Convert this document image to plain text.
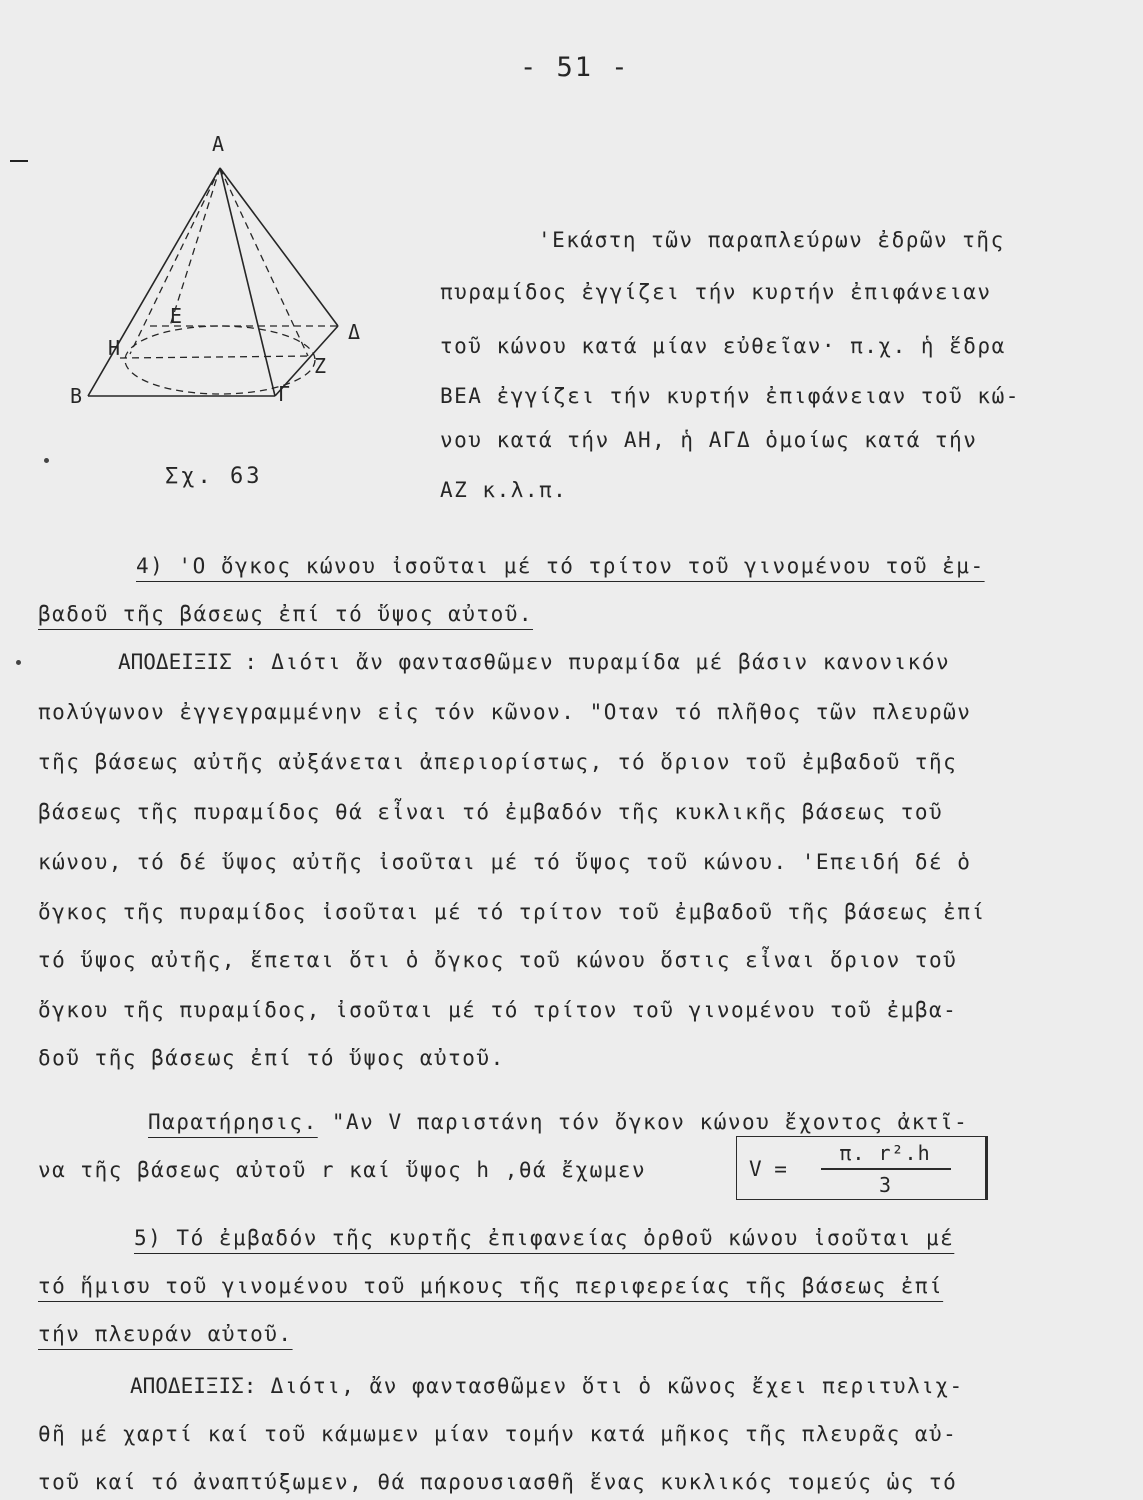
- 51 -
Α
Β	Γ
Δ
Ε
Η
Ζ
Σχ. 63
'Εκάστη τῶν παραπλεύρων ἐδρῶν τῆς
πυραμίδος ἐγγίζει τήν κυρτήν ἐπιφάνειαν
τοῦ κώνου κατά μίαν εὐθεῖαν· π.χ. ἡ ἕδρα
ΒΕΑ ἐγγίζει τήν κυρτήν ἐπιφάνειαν τοῦ κώ-
νου κατά τήν ΑΗ, ἡ ΑΓΔ ὁμοίως κατά τήν
ΑΖ κ.λ.π.
4) 'Ο ὄγκος κώνου ἰσοῦται μέ τό τρίτον τοῦ γινομένου τοῦ ἐμ-
βαδοῦ τῆς βάσεως ἐπί τό ὕψος αὐτοῦ.
ΑΠΟΔΕΙΞΙΣ : Διότι ἄν φαντασθῶμεν πυραμίδα μέ βάσιν κανονικόν
πολύγωνον ἐγγεγραμμένην εἰς τόν κῶνον. "Οταν τό πλῆθος τῶν πλευρῶν
τῆς βάσεως αὐτῆς αὐξάνεται ἀπεριορίστως, τό ὅριον τοῦ ἐμβαδοῦ τῆς
βάσεως τῆς πυραμίδος θά εἶναι τό ἐμβαδόν τῆς κυκλικῆς βάσεως τοῦ
κώνου, τό δέ ὕψος αὐτῆς ἰσοῦται μέ τό ὕψος τοῦ κώνου. 'Επειδή δέ ὁ
ὄγκος τῆς πυραμίδος ἰσοῦται μέ τό τρίτον τοῦ ἐμβαδοῦ τῆς βάσεως ἐπί
τό ὕψος αὐτῆς, ἕπεται ὅτι ὁ ὄγκος τοῦ κώνου ὅστις εἶναι ὅριον τοῦ
ὄγκου τῆς πυραμίδος, ἰσοῦται μέ τό τρίτον τοῦ γινομένου τοῦ ἐμβα-
δοῦ τῆς βάσεως ἐπί τό ὕψος αὐτοῦ.
Παρατήρησις. "Αν V παριστάνη τόν ὄγκον κώνου ἔχοντος ἀκτῖ-
να τῆς βάσεως αὐτοῦ r καί ὕψος h ,θά ἔχωμεν	V =
π. r².h
3
5) Τό ἐμβαδόν τῆς κυρτῆς ἐπιφανείας ὀρθοῦ κώνου ἰσοῦται μέ
τό ἥμισυ τοῦ γινομένου τοῦ μήκους τῆς περιφερείας τῆς βάσεως ἐπί
τήν πλευράν αὐτοῦ.
ΑΠΟΔΕΙΞΙΣ: Διότι, ἄν φαντασθῶμεν ὅτι ὁ κῶνος ἔχει περιτυλιχ-
θῆ μέ χαρτί καί τοῦ κάμωμεν μίαν τομήν κατά μῆκος τῆς πλευρᾶς αὐ-
τοῦ καί τό ἀναπτύξωμεν, θά παρουσιασθῆ ἕνας κυκλικός τομεύς ὡς τό
